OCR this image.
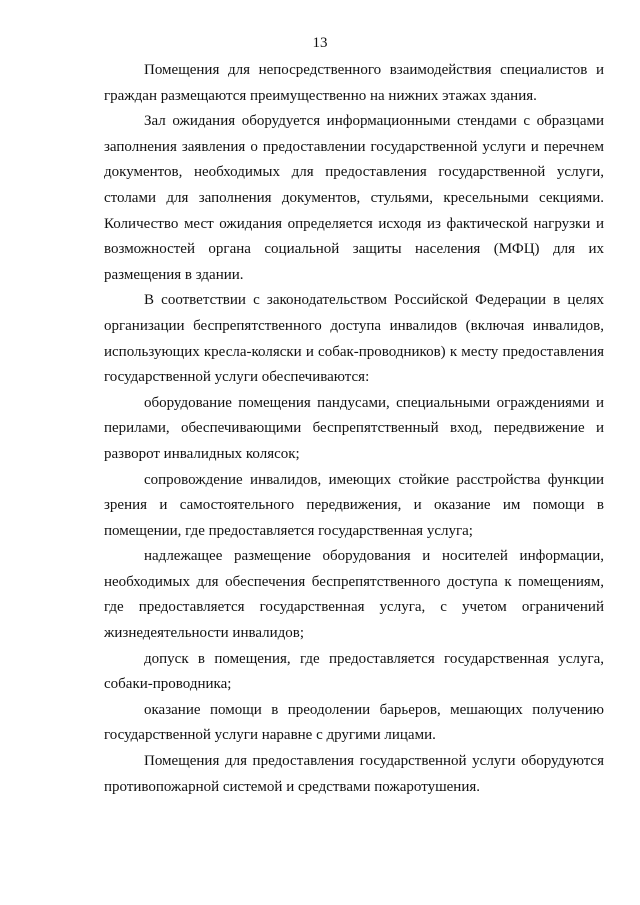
13

Помещения для непосредственного взаимодействия специалистов и граждан размещаются преимущественно на нижних этажах здания.

Зал ожидания оборудуется информационными стендами с образцами заполнения заявления о предоставлении государственной услуги и перечнем документов, необходимых для предоставления государственной услуги, столами для заполнения документов, стульями, кресельными секциями. Количество мест ожидания определяется исходя из фактической нагрузки и возможностей органа социальной защиты населения (МФЦ) для их размещения в здании.

В соответствии с законодательством Российской Федерации в целях организации беспрепятственного доступа инвалидов (включая инвалидов, использующих кресла-коляски и собак-проводников) к месту предоставления государственной услуги обеспечиваются:

оборудование помещения пандусами, специальными ограждениями и перилами, обеспечивающими беспрепятственный вход, передвижение и разворот инвалидных колясок;

сопровождение инвалидов, имеющих стойкие расстройства функции зрения и самостоятельного передвижения, и оказание им помощи в помещении, где предоставляется государственная услуга;

надлежащее размещение оборудования и носителей информации, необходимых для обеспечения беспрепятственного доступа к помещениям, где предоставляется государственная услуга, с учетом ограничений жизнедеятельности инвалидов;

допуск в помещения, где предоставляется государственная услуга, собаки-проводника;

оказание помощи в преодолении барьеров, мешающих получению государственной услуги наравне с другими лицами.

Помещения для предоставления государственной услуги оборудуются противопожарной системой и средствами пожаротушения.
